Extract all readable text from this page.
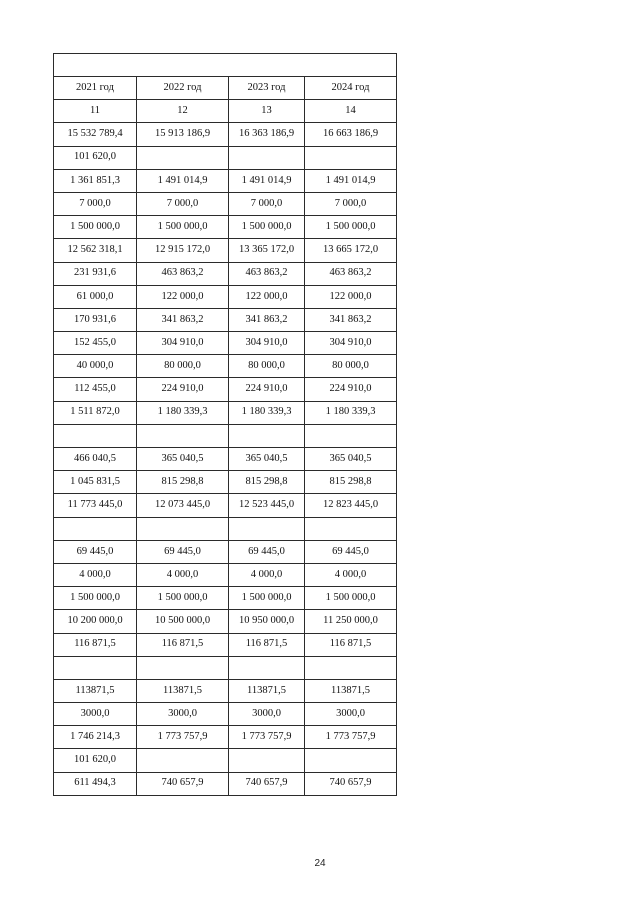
2021 год	2022 год	2023 год	2024 год
11	12	13	14
15 532 789,4	15 913 186,9	16 363 186,9	16 663 186,9
101 620,0			
1 361 851,3	1 491 014,9	1 491 014,9	1 491 014,9
7 000,0	7 000,0	7 000,0	7 000,0
1 500 000,0	1 500 000,0	1 500 000,0	1 500 000,0
12 562 318,1	12 915 172,0	13 365 172,0	13 665 172,0
231 931,6	463 863,2	463 863,2	463 863,2
61 000,0	122 000,0	122 000,0	122 000,0
170 931,6	341 863,2	341 863,2	341 863,2
152 455,0	304 910,0	304 910,0	304 910,0
40 000,0	80 000,0	80 000,0	80 000,0
112 455,0	224 910,0	224 910,0	224 910,0
1 511 872,0	1 180 339,3	1 180 339,3	1 180 339,3

466 040,5	365 040,5	365 040,5	365 040,5
1 045 831,5	815 298,8	815 298,8	815 298,8
11 773 445,0	12 073 445,0	12 523 445,0	12 823 445,0

69 445,0	69 445,0	69 445,0	69 445,0
4 000,0	4 000,0	4 000,0	4 000,0
1 500 000,0	1 500 000,0	1 500 000,0	1 500 000,0
10 200 000,0	10 500 000,0	10 950 000,0	11 250 000,0
116 871,5	116 871,5	116 871,5	116 871,5

113871,5	113871,5	113871,5	113871,5
3000,0	3000,0	3000,0	3000,0
1 746 214,3	1 773 757,9	1 773 757,9	1 773 757,9
101 620,0			
611 494,3	740 657,9	740 657,9	740 657,9
24
